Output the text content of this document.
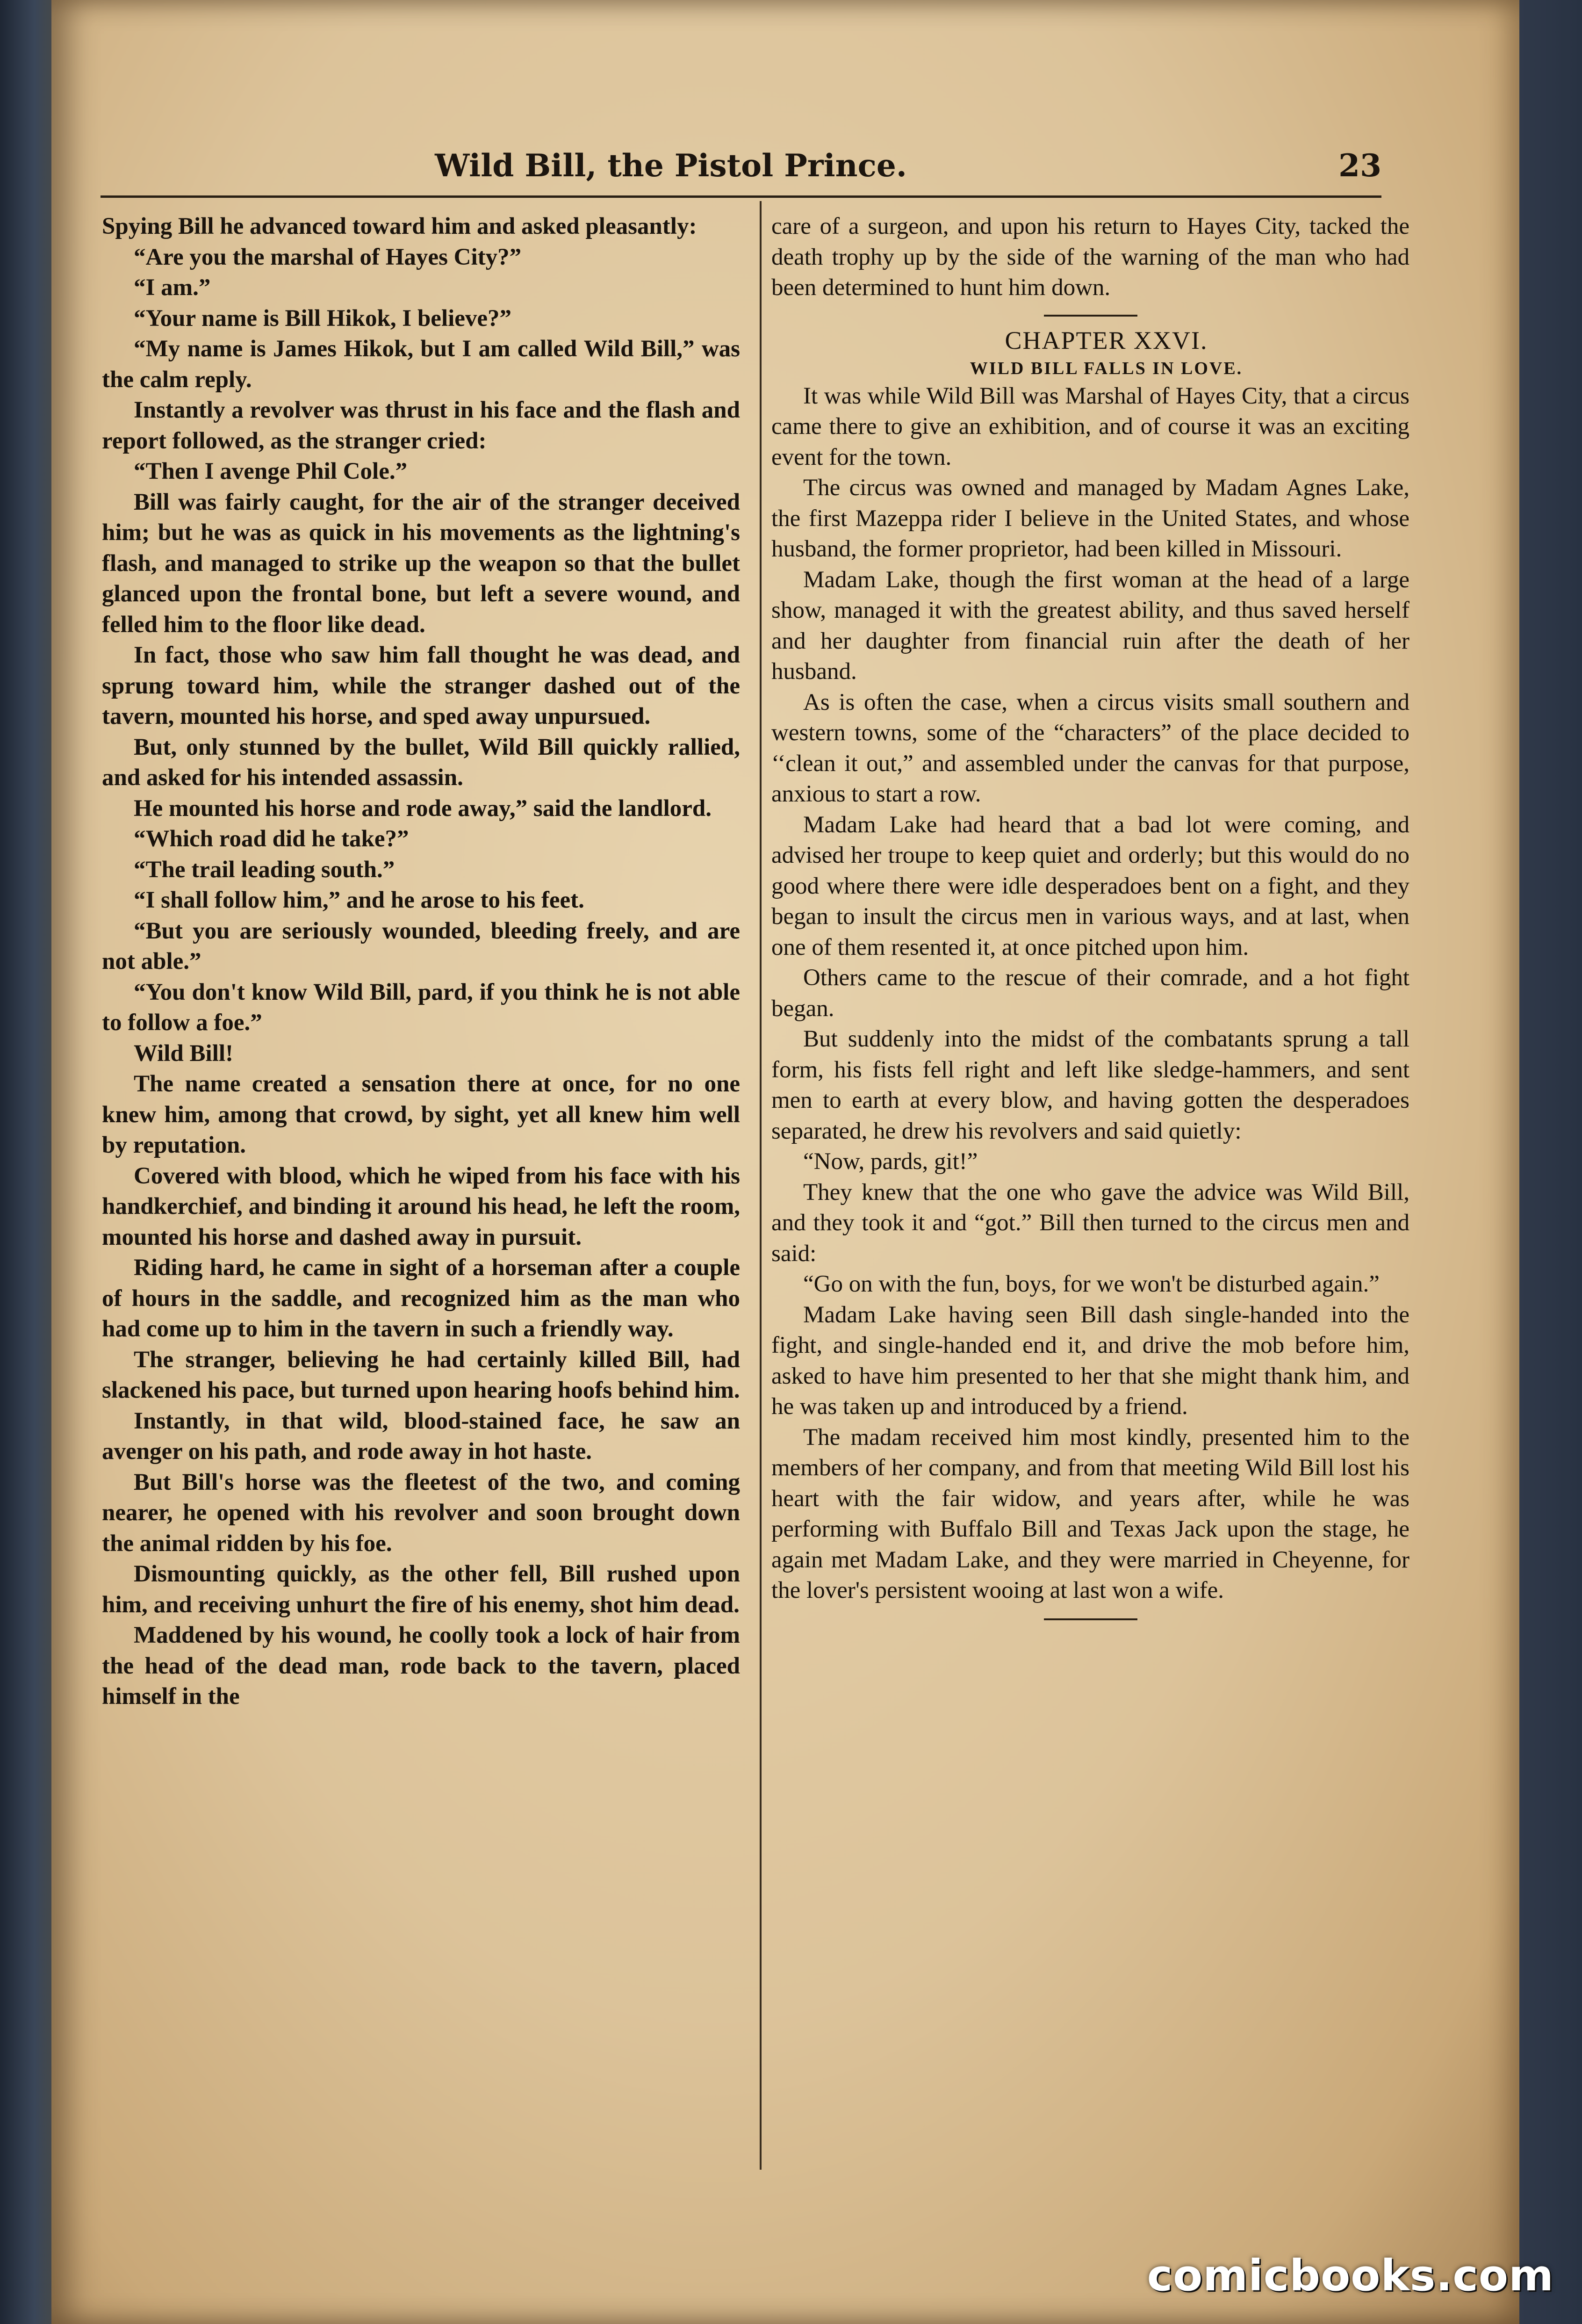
Wild Bill, the Pistol Prince.	23

Spying Bill he advanced toward him and asked pleasantly:

“Are you the marshal of Hayes City?”

“I am.”

“Your name is Bill Hikok, I believe?”

“My name is James Hikok, but I am called Wild Bill,” was the calm reply.

Instantly a revolver was thrust in his face and the flash and report followed, as the stranger cried:

“Then I avenge Phil Cole.”

Bill was fairly caught, for the air of the stranger deceived him; but he was as quick in his movements as the lightning's flash, and managed to strike up the weapon so that the bullet glanced upon the frontal bone, but left a severe wound, and felled him to the floor like dead.

In fact, those who saw him fall thought he was dead, and sprung toward him, while the stranger dashed out of the tavern, mounted his horse, and sped away unpursued.

But, only stunned by the bullet, Wild Bill quickly rallied, and asked for his intended assassin.

He mounted his horse and rode away,” said the landlord.

“Which road did he take?”

“The trail leading south.”

“I shall follow him,” and he arose to his feet.

“But you are seriously wounded, bleeding freely, and are not able.”

“You don't know Wild Bill, pard, if you think he is not able to follow a foe.”

Wild Bill!

The name created a sensation there at once, for no one knew him, among that crowd, by sight, yet all knew him well by reputation.

Covered with blood, which he wiped from his face with his handkerchief, and binding it around his head, he left the room, mounted his horse and dashed away in pursuit.

Riding hard, he came in sight of a horseman after a couple of hours in the saddle, and recognized him as the man who had come up to him in the tavern in such a friendly way.

The stranger, believing he had certainly killed Bill, had slackened his pace, but turned upon hearing hoofs behind him.

Instantly, in that wild, blood-stained face, he saw an avenger on his path, and rode away in hot haste.

But Bill's horse was the fleetest of the two, and coming nearer, he opened with his revolver and soon brought down the animal ridden by his foe.

Dismounting quickly, as the other fell, Bill rushed upon him, and receiving unhurt the fire of his enemy, shot him dead.

Maddened by his wound, he coolly took a lock of hair from the head of the dead man, rode back to the tavern, placed himself in the

care of a surgeon, and upon his return to Hayes City, tacked the death trophy up by the side of the warning of the man who had been determined to hunt him down.

CHAPTER XXVI.

WILD BILL FALLS IN LOVE.

It was while Wild Bill was Marshal of Hayes City, that a circus came there to give an exhibition, and of course it was an exciting event for the town.

The circus was owned and managed by Madam Agnes Lake, the first Mazeppa rider I believe in the United States, and whose husband, the former proprietor, had been killed in Missouri.

Madam Lake, though the first woman at the head of a large show, managed it with the greatest ability, and thus saved herself and her daughter from financial ruin after the death of her husband.

As is often the case, when a circus visits small southern and western towns, some of the “characters” of the place decided to ‘‘clean it out,” and assembled under the canvas for that purpose, anxious to start a row.

Madam Lake had heard that a bad lot were coming, and advised her troupe to keep quiet and orderly; but this would do no good where there were idle desperadoes bent on a fight, and they began to insult the circus men in various ways, and at last, when one of them resented it, at once pitched upon him.

Others came to the rescue of their comrade, and a hot fight began.

But suddenly into the midst of the combatants sprung a tall form, his fists fell right and left like sledge-hammers, and sent men to earth at every blow, and having gotten the desperadoes separated, he drew his revolvers and said quietly:

“Now, pards, git!”

They knew that the one who gave the advice was Wild Bill, and they took it and “got.” Bill then turned to the circus men and said:

“Go on with the fun, boys, for we won't be disturbed again.”

Madam Lake having seen Bill dash single-handed into the fight, and single-handed end it, and drive the mob before him, asked to have him presented to her that she might thank him, and he was taken up and introduced by a friend.

The madam received him most kindly, presented him to the members of her company, and from that meeting Wild Bill lost his heart with the fair widow, and years after, while he was performing with Buffalo Bill and Texas Jack upon the stage, he again met Madam Lake, and they were married in Cheyenne, for the lover's persistent wooing at last won a wife.

comicbooks.com
